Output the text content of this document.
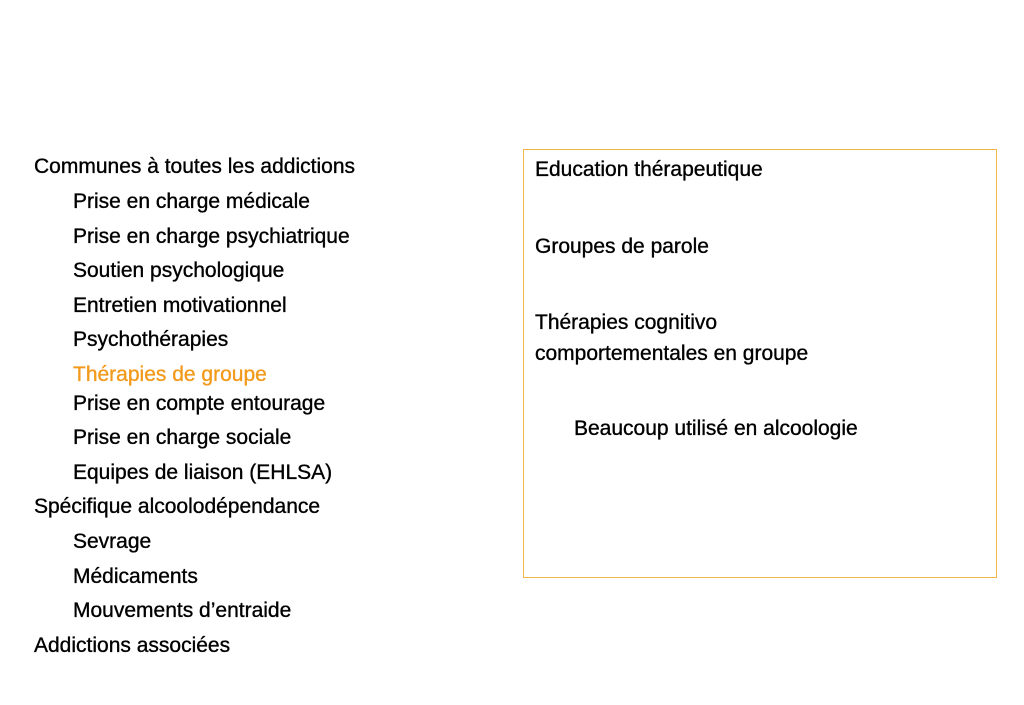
Communes à toutes les addictions
Prise en charge médicale
Prise en charge psychiatrique
Soutien psychologique
Entretien motivationnel
Psychothérapies
Thérapies de groupe
Prise en compte entourage
Prise en charge sociale
Equipes de liaison (EHLSA)
Spécifique alcoolodépendance
Sevrage
Médicaments
Mouvements d’entraide
Addictions associées
Education thérapeutique
Groupes de parole
Thérapies cognitivo
comportementales en groupe
Beaucoup utilisé en alcoologie
